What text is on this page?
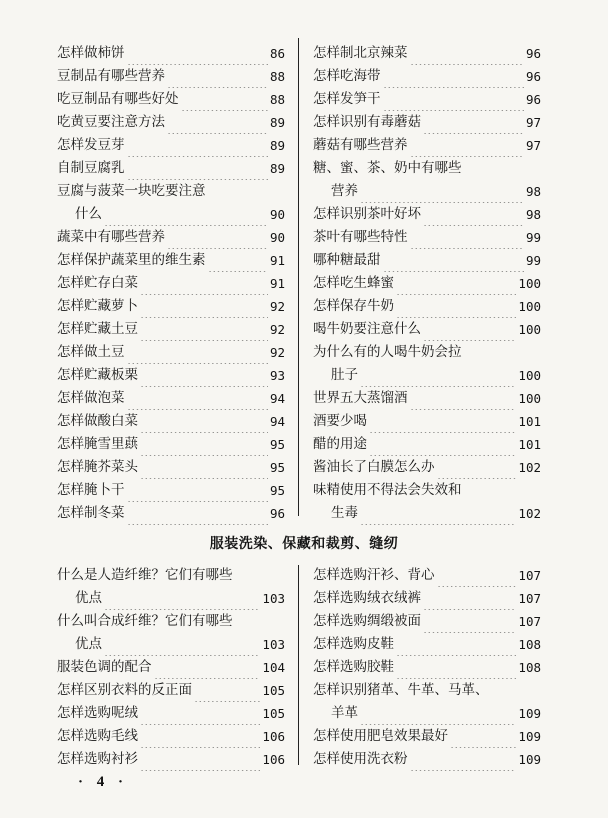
怎样做柿饼	86
豆制品有哪些营养	88
吃豆制品有哪些好处	88
吃黄豆要注意方法	89
怎样发豆芽	89
自制豆腐乳	89
豆腐与菠菜一块吃要注意
什么	90
蔬菜中有哪些营养	90
怎样保护蔬菜里的维生素	91
怎样贮存白菜	91
怎样贮藏萝卜	92
怎样贮藏土豆	92
怎样做土豆	92
怎样贮藏板栗	93
怎样做泡菜	94
怎样做酸白菜	94
怎样腌雪里蕻	95
怎样腌芥菜头	95
怎样腌卜干	95
怎样制冬菜	96
怎样制北京辣菜	96
怎样吃海带	96
怎样发笋干	96
怎样识别有毒蘑菇	97
蘑菇有哪些营养	97
糖、蜜、茶、奶中有哪些
营养	98
怎样识别茶叶好坏	98
茶叶有哪些特性	99
哪种糖最甜	99
怎样吃生蜂蜜	100
怎样保存牛奶	100
喝牛奶要注意什么	100
为什么有的人喝牛奶会拉
肚子	100
世界五大蒸馏酒	100
酒要少喝	101
醋的用途	101
酱油长了白膜怎么办	102
味精使用不得法会失效和
生毒	102
服装洗染、保藏和裁剪、缝纫
什么是人造纤维？它们有哪些
优点	103
什么叫合成纤维？它们有哪些
优点	103
服装色调的配合	104
怎样区别衣料的反正面	105
怎样选购呢绒	105
怎样选购毛线	106
怎样选购衬衫	106
怎样选购汗衫、背心	107
怎样选购绒衣绒裤	107
怎样选购绸缎被面	107
怎样选购皮鞋	108
怎样选购胶鞋	108
怎样识别猪革、牛革、马革、
羊革	109
怎样使用肥皂效果最好	109
怎样使用洗衣粉	109
· 4 ·
